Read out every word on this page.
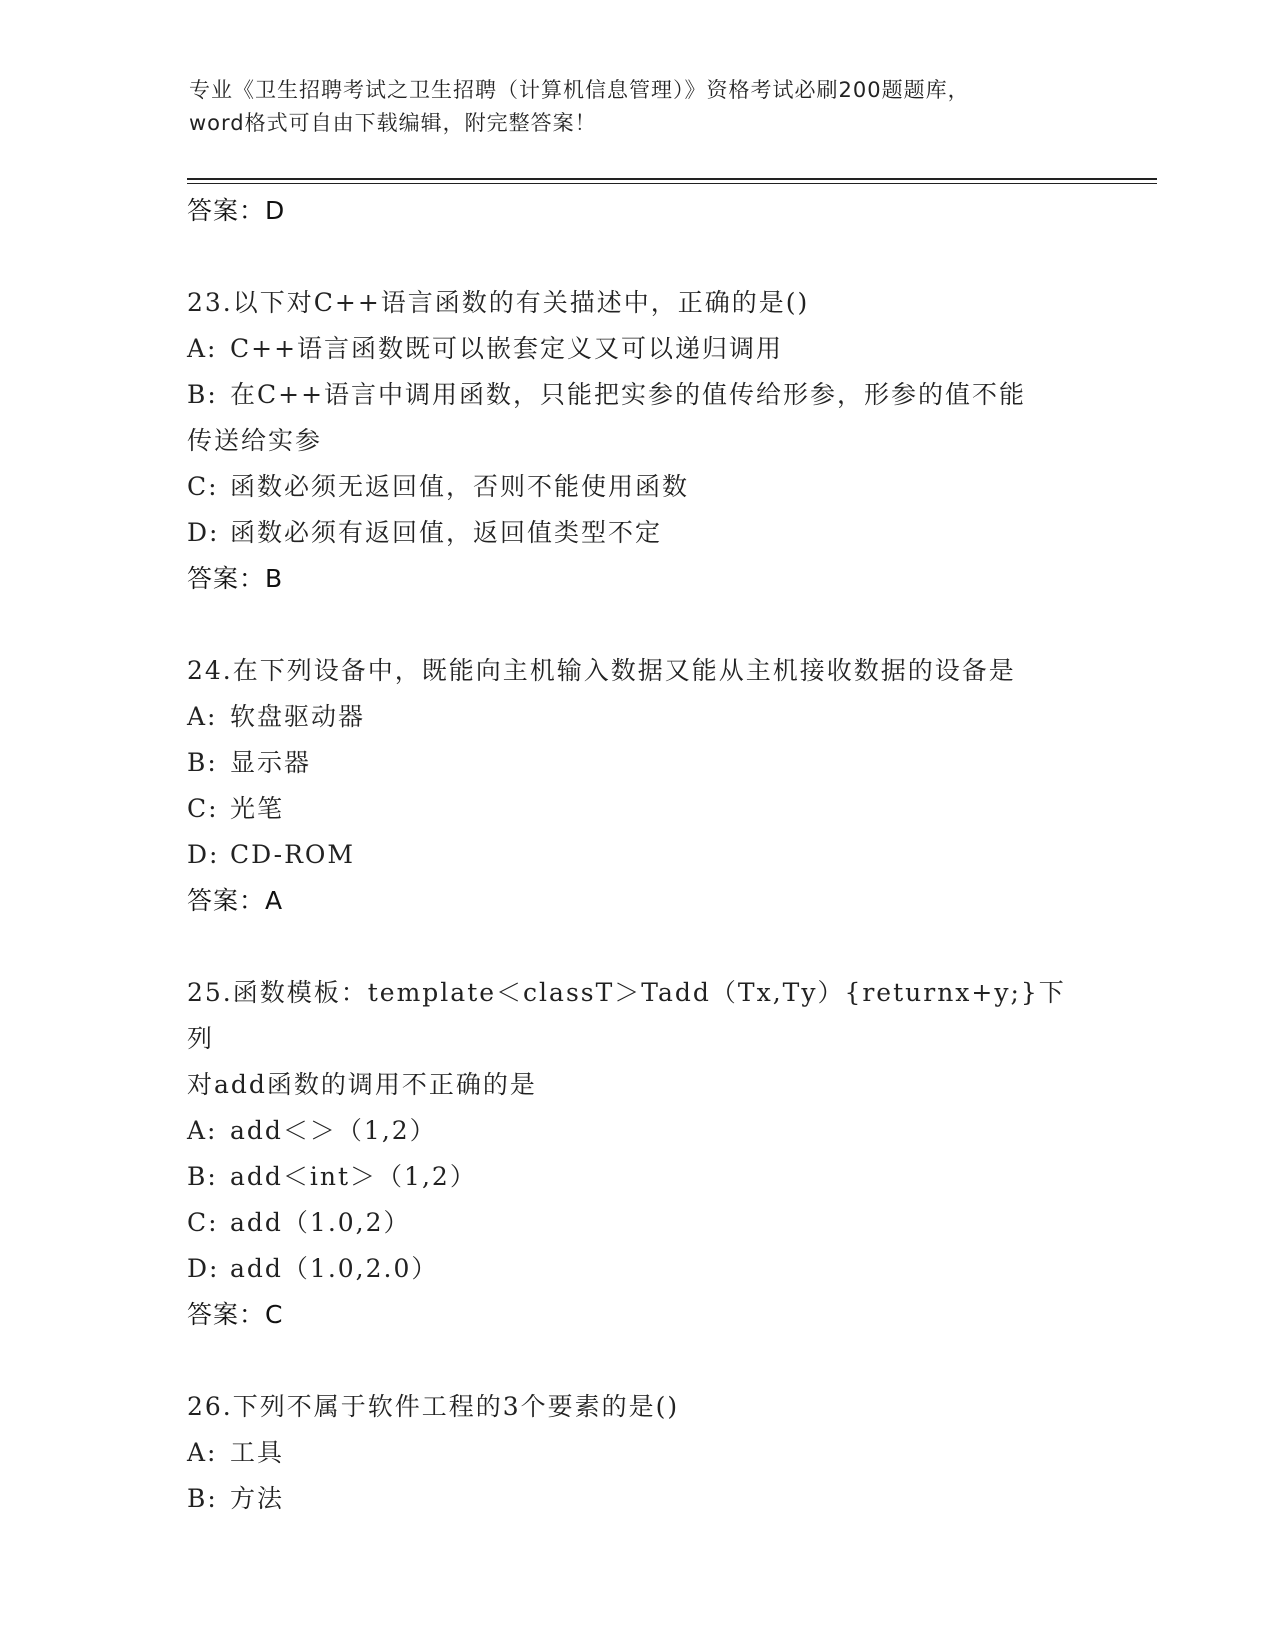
专业《卫生招聘考试之卫生招聘（计算机信息管理）》资格考试必刷200题题库，
word格式可自由下载编辑，附完整答案！

答案：D

23.以下对C++语言函数的有关描述中，正确的是()

A: C++语言函数既可以嵌套定义又可以递归调用

B: 在C++语言中调用函数，只能把实参的值传给形参，形参的值不能

传送给实参

C: 函数必须无返回值，否则不能使用函数

D: 函数必须有返回值，返回值类型不定

答案：B

24.在下列设备中，既能向主机输入数据又能从主机接收数据的设备是

A: 软盘驱动器

B: 显示器

C: 光笔

D: CD-ROM

答案：A

25.函数模板：template＜classT＞Tadd（Tx,Ty）{returnx+y;}下列

对add函数的调用不正确的是

A: add＜＞（1,2）

B: add＜int＞（1,2）

C: add（1.0,2）

D: add（1.0,2.0）

答案：C

26.下列不属于软件工程的3个要素的是()

A: 工具

B: 方法
